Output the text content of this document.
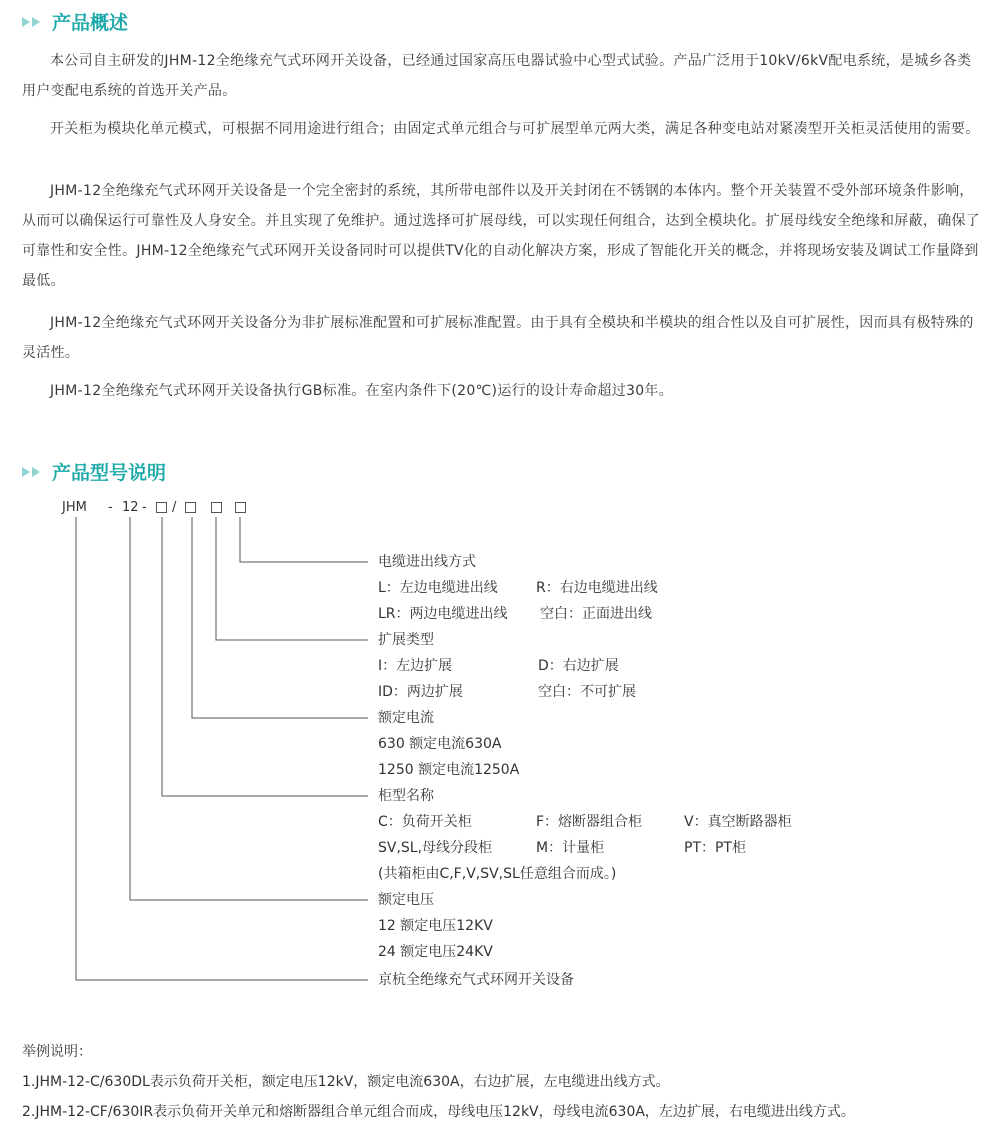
产品概述

本公司自主研发的JHM-12全绝缘充气式环网开关设备，已经通过国家高压电器试验中心型式试验。产品广泛用于10kV/6kV配电系统，是城乡各类用户变配电系统的首选开关产品。

开关柜为模块化单元模式，可根据不同用途进行组合；由固定式单元组合与可扩展型单元两大类，满足各种变电站对紧凑型开关柜灵活使用的需要。

JHM-12全绝缘充气式环网开关设备是一个完全密封的系统，其所带电部件以及开关封闭在不锈钢的本体内。整个开关装置不受外部环境条件影响，从而可以确保运行可靠性及人身安全。并且实现了免维护。通过选择可扩展母线，可以实现任何组合，达到全模块化。扩展母线安全绝缘和屏蔽，确保了可靠性和安全性。JHM-12全绝缘充气式环网开关设备同时可以提供TV化的自动化解决方案，形成了智能化开关的概念，并将现场安装及调试工作量降到最低。

JHM-12全绝缘充气式环网开关设备分为非扩展标准配置和可扩展标准配置。由于具有全模块和半模块的组合性以及自可扩展性，因而具有极特殊的灵活性。

JHM-12全绝缘充气式环网开关设备执行GB标准。在室内条件下(20℃)运行的设计寿命超过30年。

产品型号说明
JHM - 12 - /
电缆进出线方式
L：左边电缆进出线	R：右边电缆进出线
LR：两边电缆进出线 空白：正面进出线
扩展类型
I：左边扩展	D：右边扩展
ID：两边扩展	空白：不可扩展
额定电流
630 额定电流630A
1250 额定电流1250A
柜型名称
C：负荷开关柜	F：熔断器组合柜	V：真空断路器柜
SV,SL,母线分段柜	M：计量柜	PT：PT柜
(共箱柜由C,F,V,SV,SL任意组合而成。)
额定电压
12 额定电压12KV
24 额定电压24KV
京杭全绝缘充气式环网开关设备
举例说明：
1.JHM-12-C/630DL表示负荷开关柜，额定电压12kV，额定电流630A，右边扩展，左电缆进出线方式。
2.JHM-12-CF/630IR表示负荷开关单元和熔断器组合单元组合而成，母线电压12kV，母线电流630A，左边扩展，右电缆进出线方式。
